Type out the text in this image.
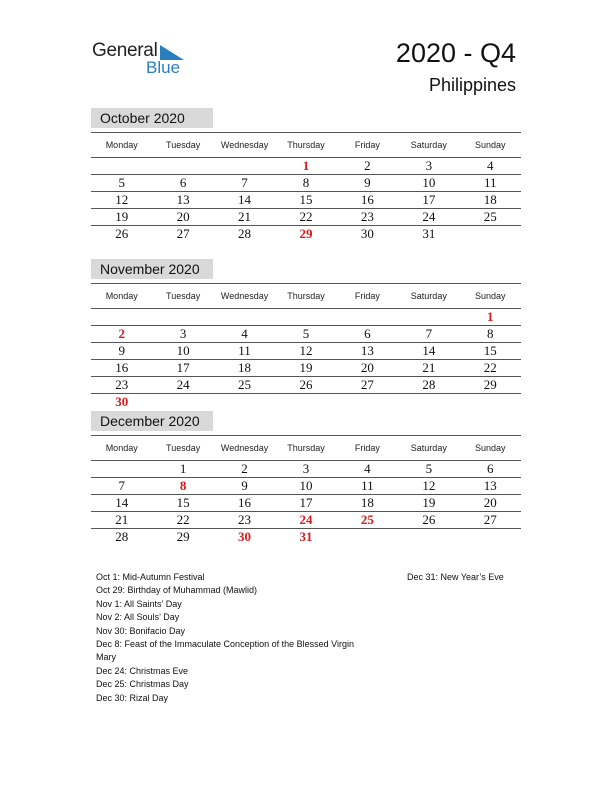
General
Blue	2020 - Q4
Philippines
October 2020
Monday	Tuesday	Wednesday	Thursday	Friday	Saturday	Sunday
			1	2	3	4
5	6	7	8	9	10	11
12	13	14	15	16	17	18
19	20	21	22	23	24	25
26	27	28	29	30	31	
November 2020
Monday	Tuesday	Wednesday	Thursday	Friday	Saturday	Sunday
						1
2	3	4	5	6	7	8
9	10	11	12	13	14	15
16	17	18	19	20	21	22
23	24	25	26	27	28	29
30						
December 2020
Monday	Tuesday	Wednesday	Thursday	Friday	Saturday	Sunday
	1	2	3	4	5	6
7	8	9	10	11	12	13
14	15	16	17	18	19	20
21	22	23	24	25	26	27
28	29	30	31			
Oct 1: Mid-Autumn Festival
Oct 29: Birthday of Muhammad (Mawlid)
Nov 1: All Saints’ Day
Nov 2: All Souls’ Day
Nov 30: Bonifacio Day
Dec 8: Feast of the Immaculate Conception of the Blessed Virgin
Mary
Dec 24: Christmas Eve
Dec 25: Christmas Day
Dec 30: Rizal Day
Dec 31: New Year’s Eve
